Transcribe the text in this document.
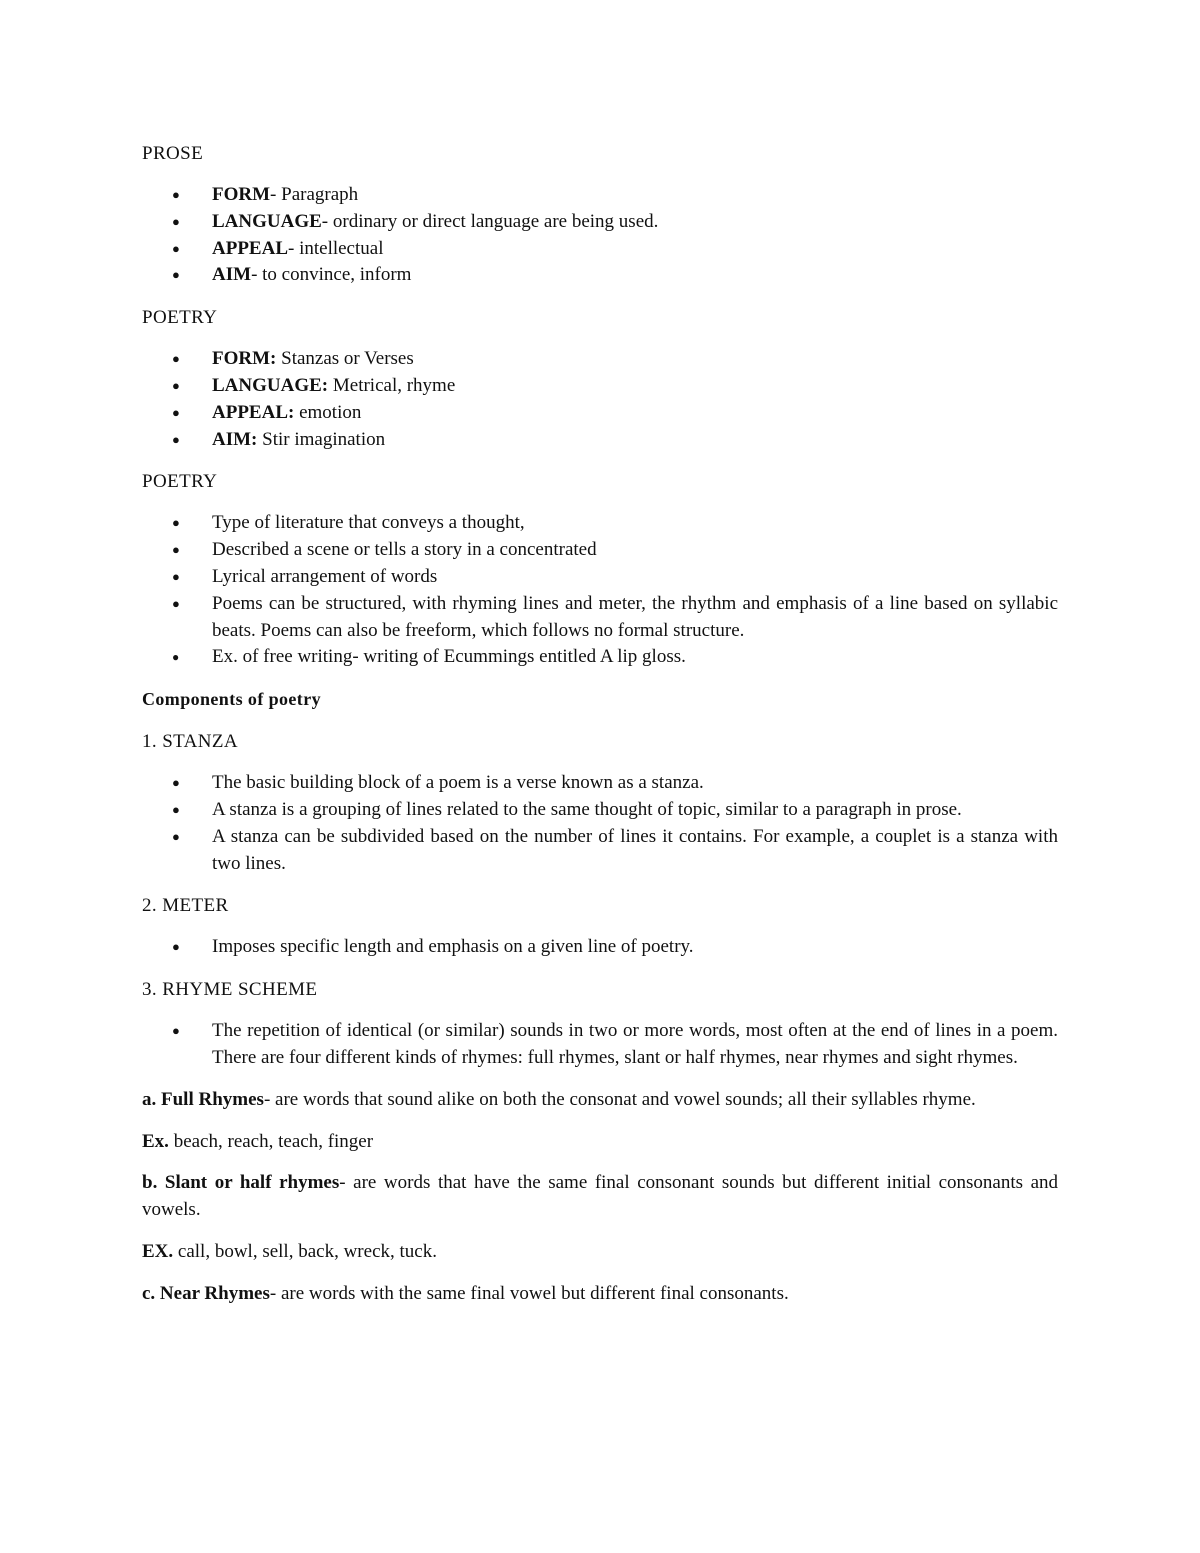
PROSE
●	FORM- Paragraph
●	LANGUAGE- ordinary or direct language are being used.
●	APPEAL- intellectual
●	AIM- to convince, inform
POETRY
●	FORM: Stanzas or Verses
●	LANGUAGE: Metrical, rhyme
●	APPEAL: emotion
●	AIM: Stir imagination
POETRY
●	Type of literature that conveys a thought,
●	Described a scene or tells a story in a concentrated
●	Lyrical arrangement of words
●	Poems can be structured, with rhyming lines and meter, the rhythm and emphasis of a line based on syllabic beats. Poems can also be freeform, which follows no formal structure.
●	Ex. of free writing- writing of Ecummings entitled A lip gloss.
Components of poetry
1. STANZA
●	The basic building block of a poem is a verse known as a stanza.
●	A stanza is a grouping of lines related to the same thought of topic, similar to a paragraph in prose.
●	A stanza can be subdivided based on the number of lines it contains. For example, a couplet is a stanza with two lines.
2. METER
●	Imposes specific length and emphasis on a given line of poetry.
3. RHYME SCHEME
●	The repetition of identical (or similar) sounds in two or more words, most often at the end of lines in a poem. There are four different kinds of rhymes: full rhymes, slant or half rhymes, near rhymes and sight rhymes.
a. Full Rhymes- are words that sound alike on both the consonat and vowel sounds; all their syllables rhyme.
Ex. beach, reach, teach, finger
b. Slant or half rhymes- are words that have the same final consonant sounds but different initial consonants and vowels.
EX. call, bowl, sell, back, wreck, tuck.
c. Near Rhymes- are words with the same final vowel but different final consonants.
